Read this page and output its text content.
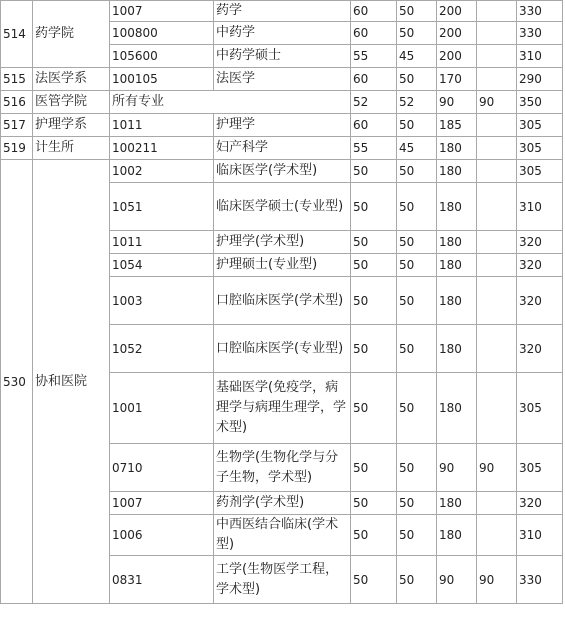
514	药学院	1007	药学	60	50	200		330
		100800	中药学	60	50	200		330
		105600	中药学硕士	55	45	200		310
515	法医学系	100105	法医学	60	50	170		290
516	医管学院	所有专业		52	52	90	90	350
517	护理学系	1011	护理学	60	50	185		305
519	计生所	100211	妇产科学	55	45	180		305
530	协和医院	1002	临床医学(学术型)	50	50	180		305
		1051	临床医学硕士(专业型)	50	50	180		310
		1011	护理学(学术型)	50	50	180		320
		1054	护理硕士(专业型)	50	50	180		320
		1003	口腔临床医学(学术型)	50	50	180		320
		1052	口腔临床医学(专业型)	50	50	180		320
		1001	基础医学(免疫学，病理学与病理生理学，学术型)	50	50	180		305
		0710	生物学(生物化学与分子生物，学术型)	50	50	90	90	305
		1007	药剂学(学术型)	50	50	180		320
		1006	中西医结合临床(学术型)	50	50	180		310
		0831	工学(生物医学工程，学术型)	50	50	90	90	330
